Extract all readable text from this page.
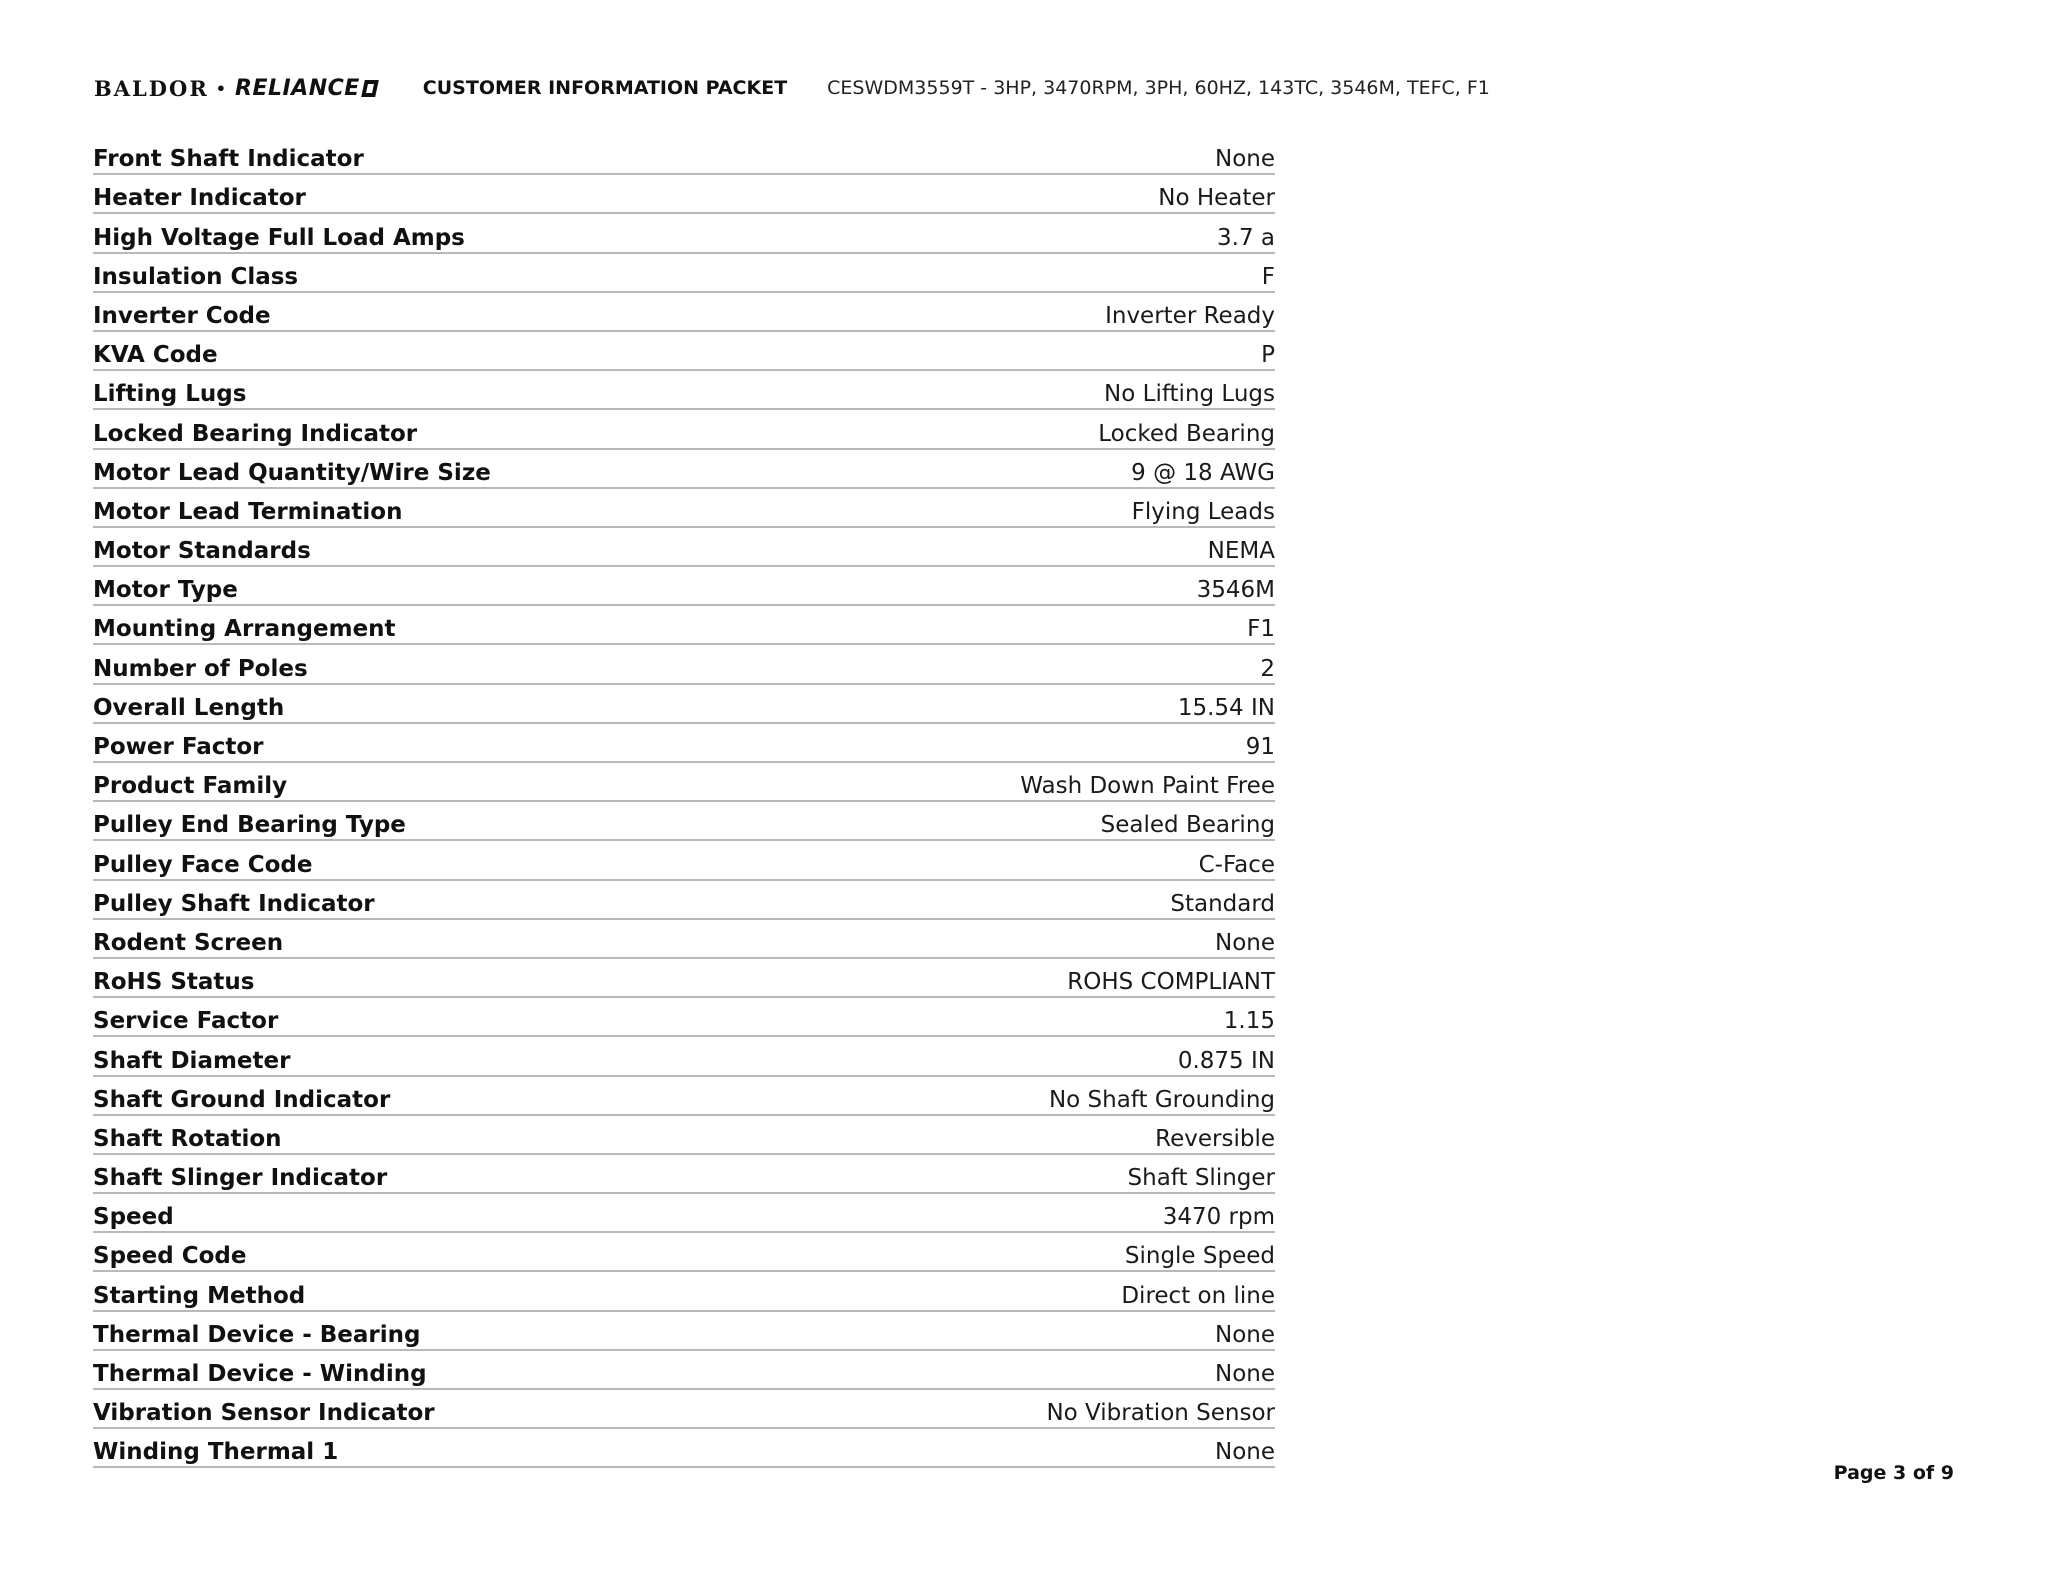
BALDOR • RELIANCE	CUSTOMER INFORMATION PACKET CESWDM3559T - 3HP, 3470RPM, 3PH, 60HZ, 143TC, 3546M, TEFC, F1
Front Shaft Indicator	None
Heater Indicator	No Heater
High Voltage Full Load Amps	3.7 a
Insulation Class	F
Inverter Code	Inverter Ready
KVA Code	P
Lifting Lugs	No Lifting Lugs
Locked Bearing Indicator	Locked Bearing
Motor Lead Quantity/Wire Size	9 @ 18 AWG
Motor Lead Termination	Flying Leads
Motor Standards	NEMA
Motor Type	3546M
Mounting Arrangement	F1
Number of Poles	2
Overall Length	15.54 IN
Power Factor	91
Product Family	Wash Down Paint Free
Pulley End Bearing Type	Sealed Bearing
Pulley Face Code	C-Face
Pulley Shaft Indicator	Standard
Rodent Screen	None
RoHS Status	ROHS COMPLIANT
Service Factor	1.15
Shaft Diameter	0.875 IN
Shaft Ground Indicator	No Shaft Grounding
Shaft Rotation	Reversible
Shaft Slinger Indicator	Shaft Slinger
Speed	3470 rpm
Speed Code	Single Speed
Starting Method	Direct on line
Thermal Device - Bearing	None
Thermal Device - Winding	None
Vibration Sensor Indicator	No Vibration Sensor
Winding Thermal 1	None
Page 3 of 9
